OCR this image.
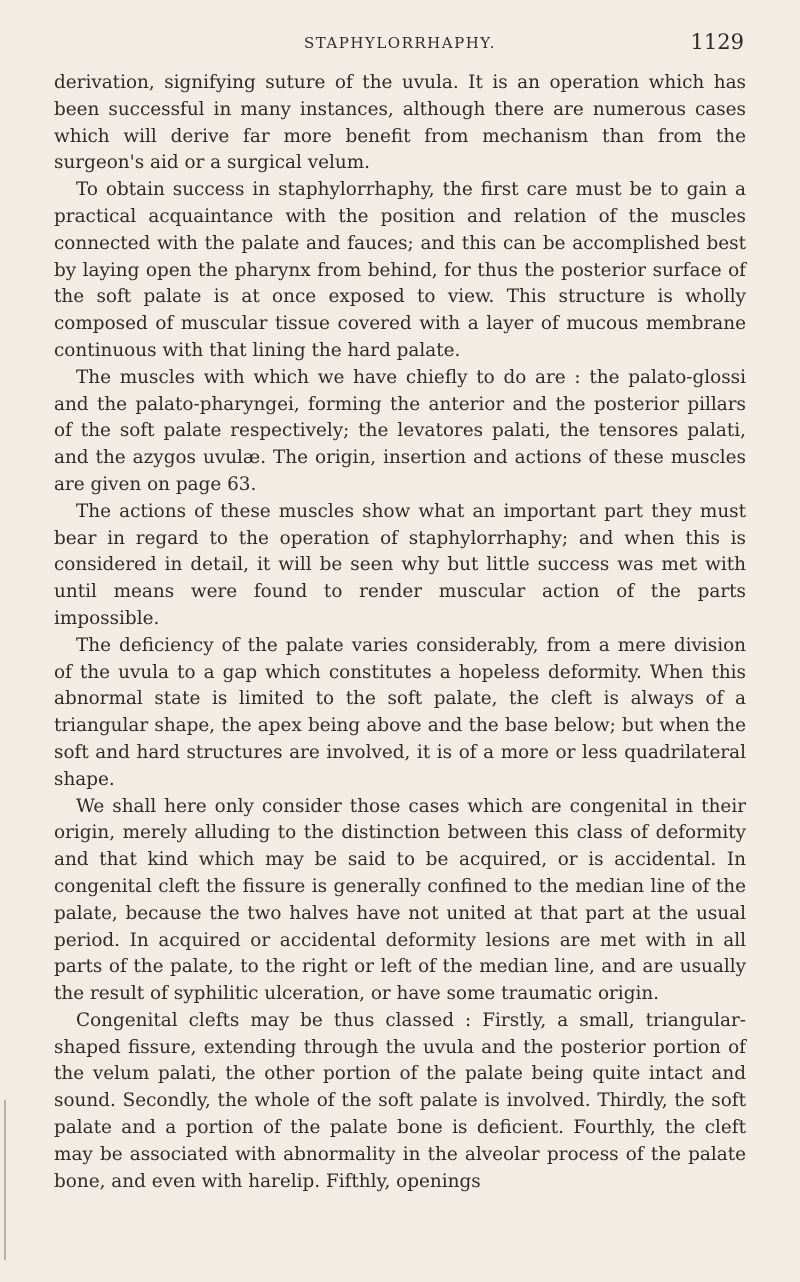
STAPHYLORRHAPHY.	1129

derivation, signifying suture of the uvula. It is an operation which has been successful in many instances, although there are numerous cases which will derive far more benefit from mechanism than from the surgeon's aid or a surgical velum.

To obtain success in staphylorrhaphy, the first care must be to gain a practical acquaintance with the position and relation of the muscles connected with the palate and fauces; and this can be accomplished best by laying open the pharynx from behind, for thus the posterior surface of the soft palate is at once exposed to view. This structure is wholly composed of muscular tissue covered with a layer of mucous membrane continuous with that lining the hard palate.

The muscles with which we have chiefly to do are : the palato-glossi and the palato-pharyngei, forming the anterior and the posterior pillars of the soft palate respectively; the levatores palati, the tensores palati, and the azygos uvulæ. The origin, insertion and actions of these muscles are given on page 63.

The actions of these muscles show what an important part they must bear in regard to the operation of staphylorrhaphy; and when this is considered in detail, it will be seen why but little success was met with until means were found to render muscular action of the parts impossible.

The deficiency of the palate varies considerably, from a mere division of the uvula to a gap which constitutes a hopeless deformity. When this abnormal state is limited to the soft palate, the cleft is always of a triangular shape, the apex being above and the base below; but when the soft and hard structures are involved, it is of a more or less quadrilateral shape.

We shall here only consider those cases which are congenital in their origin, merely alluding to the distinction between this class of deformity and that kind which may be said to be acquired, or is accidental. In congenital cleft the fissure is generally confined to the median line of the palate, because the two halves have not united at that part at the usual period. In acquired or accidental deformity lesions are met with in all parts of the palate, to the right or left of the median line, and are usually the result of syphilitic ulceration, or have some traumatic origin.

Congenital clefts may be thus classed : Firstly, a small, triangular-shaped fissure, extending through the uvula and the posterior portion of the velum palati, the other portion of the palate being quite intact and sound. Secondly, the whole of the soft palate is involved. Thirdly, the soft palate and a portion of the palate bone is deficient. Fourthly, the cleft may be associated with abnormality in the alveolar process of the palate bone, and even with harelip. Fifthly, openings
